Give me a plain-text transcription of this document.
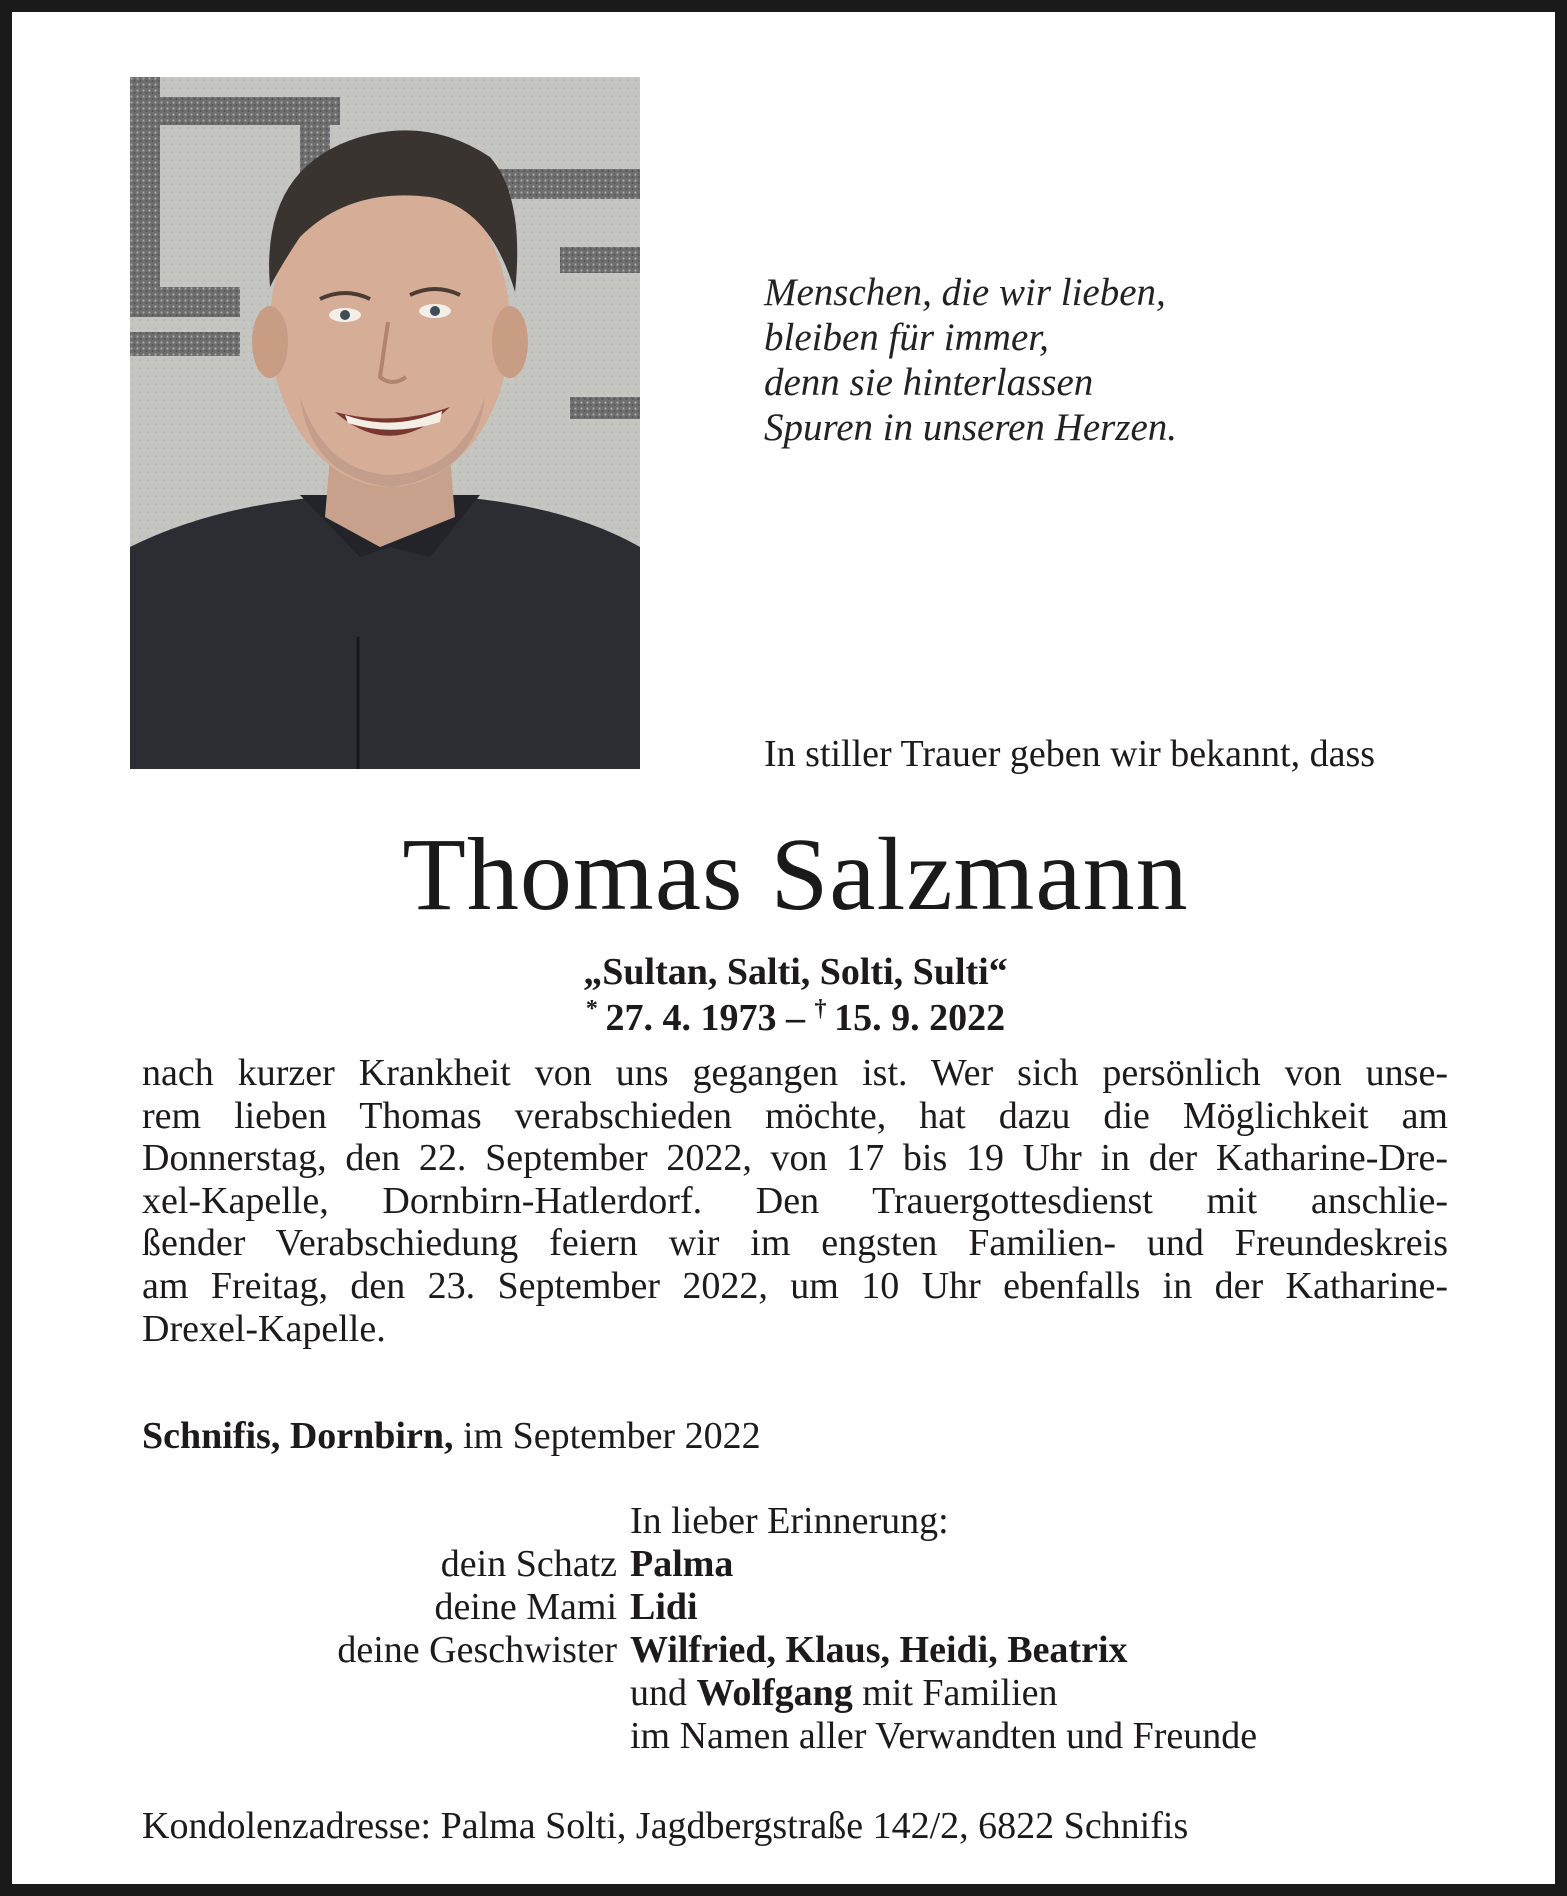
Menschen, die wir lieben,
bleiben für immer,
denn sie hinterlassen
Spuren in unseren Herzen.
In stiller Trauer geben wir bekannt, dass
Thomas Salzmann
„Sultan, Salti, Solti, Sulti“
*  27. 4. 1973 – †  15. 9. 2022
nach kurzer Krankheit von uns gegangen ist. Wer sich persönlich von unse-
rem lieben Thomas verabschieden möchte, hat dazu die Möglichkeit am
Donnerstag, den 22. September 2022, von 17 bis 19 Uhr in der Katharine-Dre-
xel-Kapelle, Dornbirn-Hatlerdorf. Den Trauergottesdienst mit anschlie-
ßender Verabschiedung feiern wir im engsten Familien- und Freundeskreis
am Freitag, den 23. September 2022, um 10 Uhr ebenfalls in der Katharine-
Drexel-Kapelle.
Schnifis, Dornbirn, im September 2022
In lieber Erinnerung:
dein Schatz Palma
deine Mami Lidi
deine Geschwister Wilfried, Klaus, Heidi, Beatrix
und Wolfgang mit Familien
im Namen aller Verwandten und Freunde
Kondolenzadresse: Palma Solti, Jagdbergstraße 142/2, 6822 Schnifis
